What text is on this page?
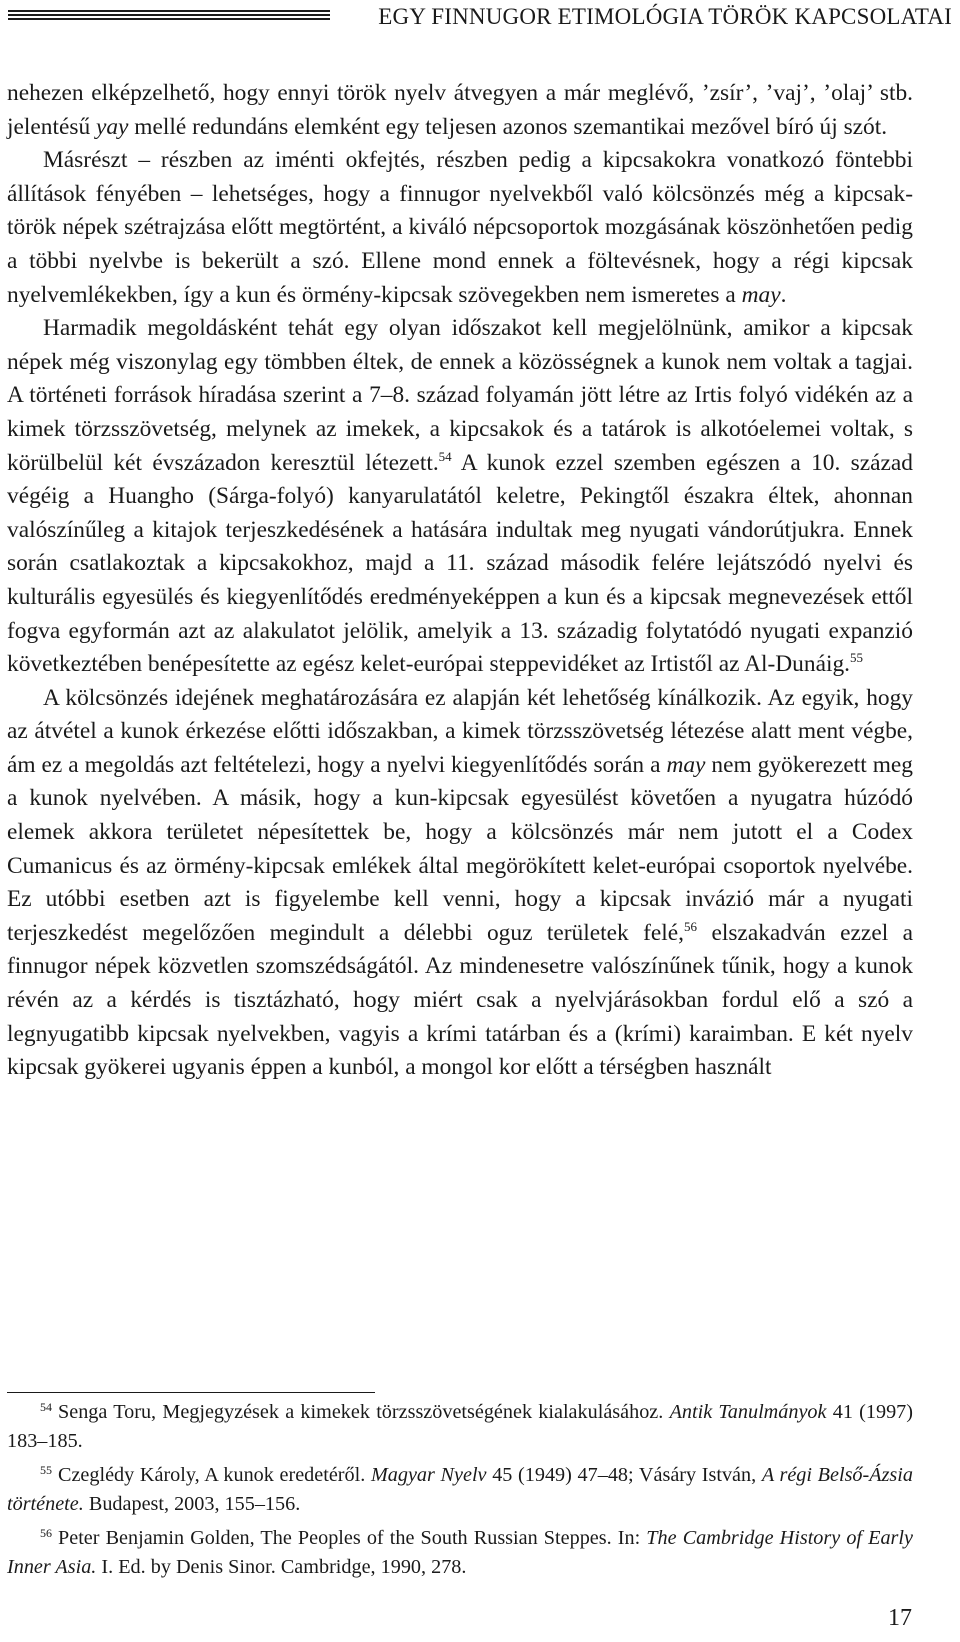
EGY FINNUGOR ETIMOLÓGIA TÖRÖK KAPCSOLATAI

nehezen elképzelhető, hogy ennyi török nyelv átvegyen a már meglévő, ’zsír’, ’vaj’, ’olaj’ stb. jelentésű yay mellé redundáns elemként egy teljesen azonos szemantikai mezővel bíró új szót.

Másrészt – részben az iménti okfejtés, részben pedig a kipcsakokra vonatkozó föntebbi állítások fényében – lehetséges, hogy a finnugor nyelvekből való kölcsönzés még a kipcsak-török népek szétrajzása előtt megtörtént, a kiváló népcsoportok mozgásának köszönhetően pedig a többi nyelvbe is bekerült a szó. Ellene mond ennek a föltevésnek, hogy a régi kipcsak nyelvemlékekben, így a kun és örmény-kipcsak szövegekben nem ismeretes a may.

Harmadik megoldásként tehát egy olyan időszakot kell megjelölnünk, amikor a kipcsak népek még viszonylag egy tömbben éltek, de ennek a közösségnek a kunok nem voltak a tagjai. A történeti források híradása szerint a 7–8. század folyamán jött létre az Irtis folyó vidékén az a kimek törzsszövetség, melynek az imekek, a kipcsakok és a tatárok is alkotóelemei voltak, s körülbelül két évszázadon keresztül létezett.$^{54}$ A kunok ezzel szemben egészen a 10. század végéig a Huangho (Sárga-folyó) kanyarulatától keletre, Pekingtől északra éltek, ahonnan valószínűleg a kitajok terjeszkedésének a hatására indultak meg nyugati vándorútjukra. Ennek során csatlakoztak a kipcsakokhoz, majd a 11. század második felére lejátszódó nyelvi és kulturális egyesülés és kiegyenlítődés eredményeképpen a kun és a kipcsak megnevezések ettől fogva egyformán azt az alakulatot jelölik, amelyik a 13. századig folytatódó nyugati expanzió következtében benépesítette az egész kelet-európai steppevidéket az Irtistől az Al-Dunáig.$^{55}$

A kölcsönzés idejének meghatározására ez alapján két lehetőség kínálkozik. Az egyik, hogy az átvétel a kunok érkezése előtti időszakban, a kimek törzsszövetség létezése alatt ment végbe, ám ez a megoldás azt feltételezi, hogy a nyelvi kiegyenlítődés során a may nem gyökerezett meg a kunok nyelvében. A másik, hogy a kun-kipcsak egyesülést követően a nyugatra húzódó elemek akkora területet népesítettek be, hogy a kölcsönzés már nem jutott el a Codex Cumanicus és az örmény-kipcsak emlékek által megörökített kelet-európai csoportok nyelvébe. Ez utóbbi esetben azt is figyelembe kell venni, hogy a kipcsak invázió már a nyugati terjeszkedést megelőzően megindult a délebbi oguz területek felé,$^{56}$ elszakadván ezzel a finnugor népek közvetlen szomszédságától. Az mindenesetre valószínűnek tűnik, hogy a kunok révén az a kérdés is tisztázható, hogy miért csak a nyelvjárásokban fordul elő a szó a legnyugatibb kipcsak nyelvekben, vagyis a krími tatárban és a (krími) karaimban. E két nyelv kipcsak gyökerei ugyanis éppen a kunból, a mongol kor előtt a térségben használt

$^{54}$ Senga Toru, Megjegyzések a kimekek törzsszövetségének kialakulásához. Antik Tanulmányok 41 (1997) 183–185.

$^{55}$ Czeglédy Károly, A kunok eredetéről. Magyar Nyelv 45 (1949) 47–48; Vásáry István, A régi Belső-Ázsia története. Budapest, 2003, 155–156.

$^{56}$ Peter Benjamin Golden, The Peoples of the South Russian Steppes. In: The Cambridge History of Early Inner Asia. I. Ed. by Denis Sinor. Cambridge, 1990, 278.

17
